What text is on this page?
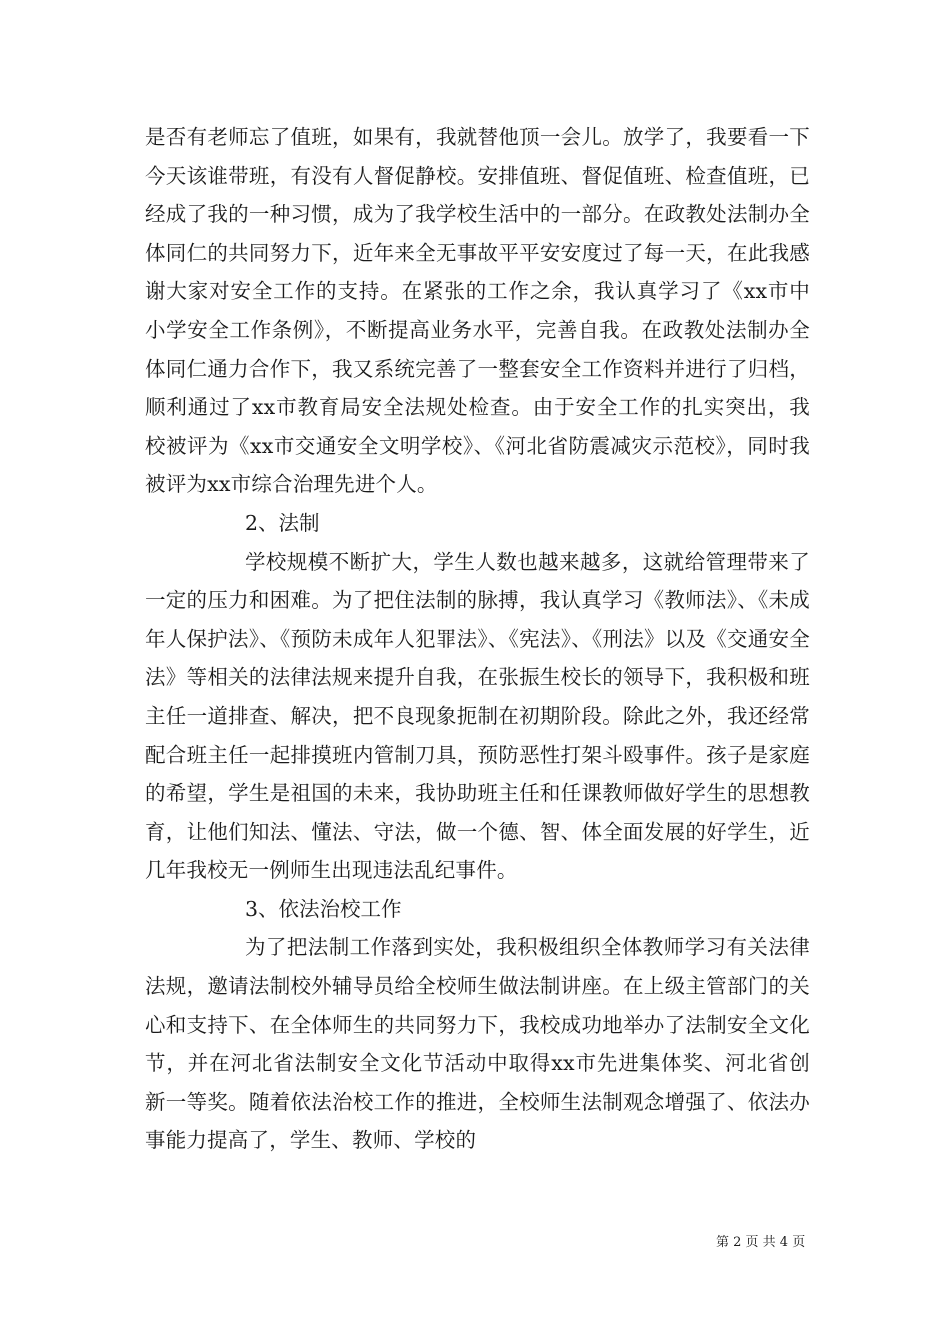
是否有老师忘了值班，如果有，我就替他顶一会儿。放学了，我要看一下今天该谁带班，有没有人督促静校。安排值班、督促值班、检查值班，已经成了我的一种习惯，成为了我学校生活中的一部分。在政教处法制办全体同仁的共同努力下，近年来全无事故平平安安度过了每一天，在此我感谢大家对安全工作的支持。在紧张的工作之余，我认真学习了《xx市中小学安全工作条例》，不断提高业务水平，完善自我。在政教处法制办全体同仁通力合作下，我又系统完善了一整套安全工作资料并进行了归档，顺利通过了xx市教育局安全法规处检查。由于安全工作的扎实突出，我校被评为《xx市交通安全文明学校》、《河北省防震减灾示范校》，同时我被评为xx市综合治理先进个人。

2、法制

学校规模不断扩大，学生人数也越来越多，这就给管理带来了一定的压力和困难。为了把住法制的脉搏，我认真学习《教师法》、《未成年人保护法》、《预防未成年人犯罪法》、《宪法》、《刑法》以及《交通安全法》等相关的法律法规来提升自我，在张振生校长的领导下，我积极和班主任一道排查、解决，把不良现象扼制在初期阶段。除此之外，我还经常配合班主任一起排摸班内管制刀具，预防恶性打架斗殴事件。孩子是家庭的希望，学生是祖国的未来，我协助班主任和任课教师做好学生的思想教育，让他们知法、懂法、守法，做一个德、智、体全面发展的好学生，近几年我校无一例师生出现违法乱纪事件。

3、依法治校工作

为了把法制工作落到实处，我积极组织全体教师学习有关法律法规，邀请法制校外辅导员给全校师生做法制讲座。在上级主管部门的关心和支持下、在全体师生的共同努力下，我校成功地举办了法制安全文化节，并在河北省法制安全文化节活动中取得xx市先进集体奖、河北省创新一等奖。随着依法治校工作的推进，全校师生法制观念增强了、依法办事能力提高了，学生、教师、学校的

第 2 页 共 4 页
